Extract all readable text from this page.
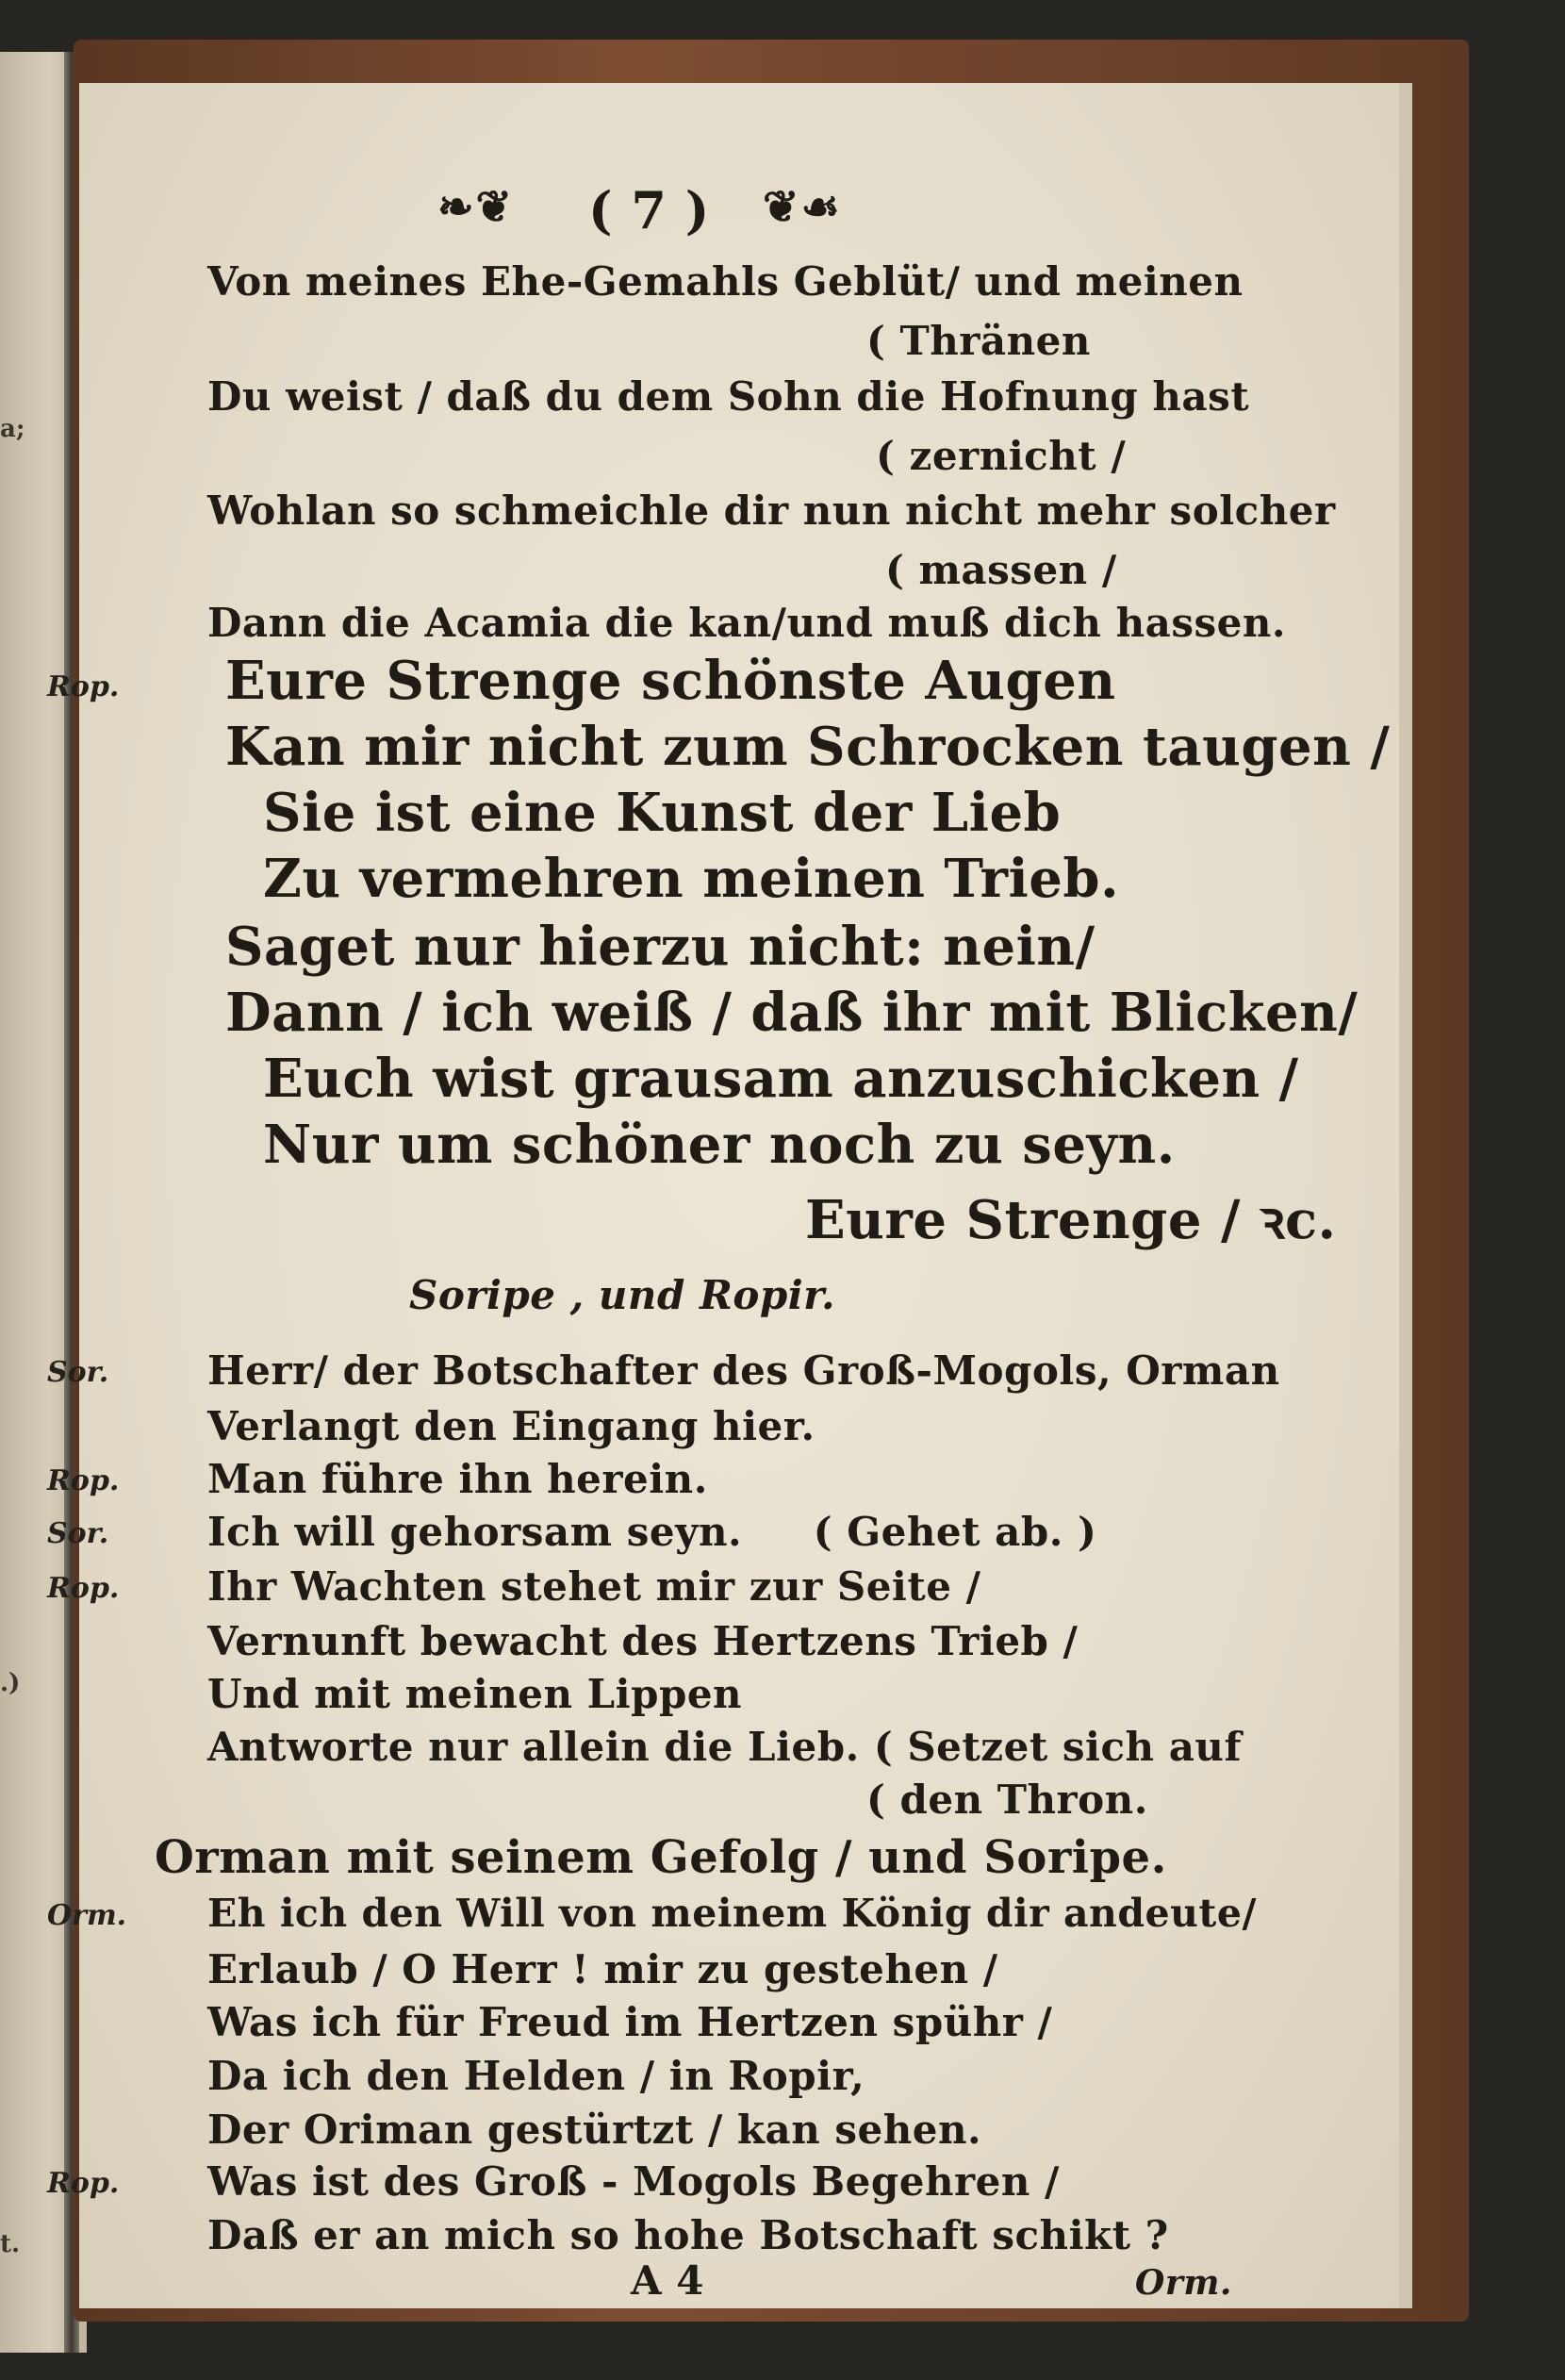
a;
.)
t.
❧❦ ( 7 ) ❦☙

Von meines Ehe-Gemahls Geblüt/ und meinen

( Thränen

Du weist / daß du dem Sohn die Hofnung hast

( zernicht /

Wohlan so schmeichle dir nun nicht mehr solcher

( massen /

Dann die Acamia die kan/und muß dich hassen.

Rop. Eure Strenge schönste Augen

Kan mir nicht zum Schrocken taugen /

Sie ist eine Kunst der Lieb

Zu vermehren meinen Trieb.

Saget nur hierzu nicht: nein/

Dann / ich weiß / daß ihr mit Blicken/

Euch wist grausam anzuschicken /

Nur um schöner noch zu seyn.

Eure Strenge / ꝛc.

Soripe , und Ropir.

Sor. Herr/ der Botschafter des Groß-Mogols, Orman

Verlangt den Eingang hier.

Rop. Man führe ihn herein.

Sor. Ich will gehorsam seyn.     ( Gehet ab. )

Rop. Ihr Wachten stehet mir zur Seite /

Vernunft bewacht des Hertzens Trieb /

Und mit meinen Lippen

Antworte nur allein die Lieb. ( Setzet sich auf

( den Thron.

Orman mit seinem Gefolg / und Soripe.

Orm. Eh ich den Will von meinem König dir andeute/

Erlaub / O Herr ! mir zu gestehen /

Was ich für Freud im Hertzen spühr /

Da ich den Helden / in Ropir,

Der Oriman gestürtzt / kan sehen.

Rop. Was ist des Groß - Mogols Begehren /

Daß er an mich so hohe Botschaft schikt ?

A 4	Orm.
